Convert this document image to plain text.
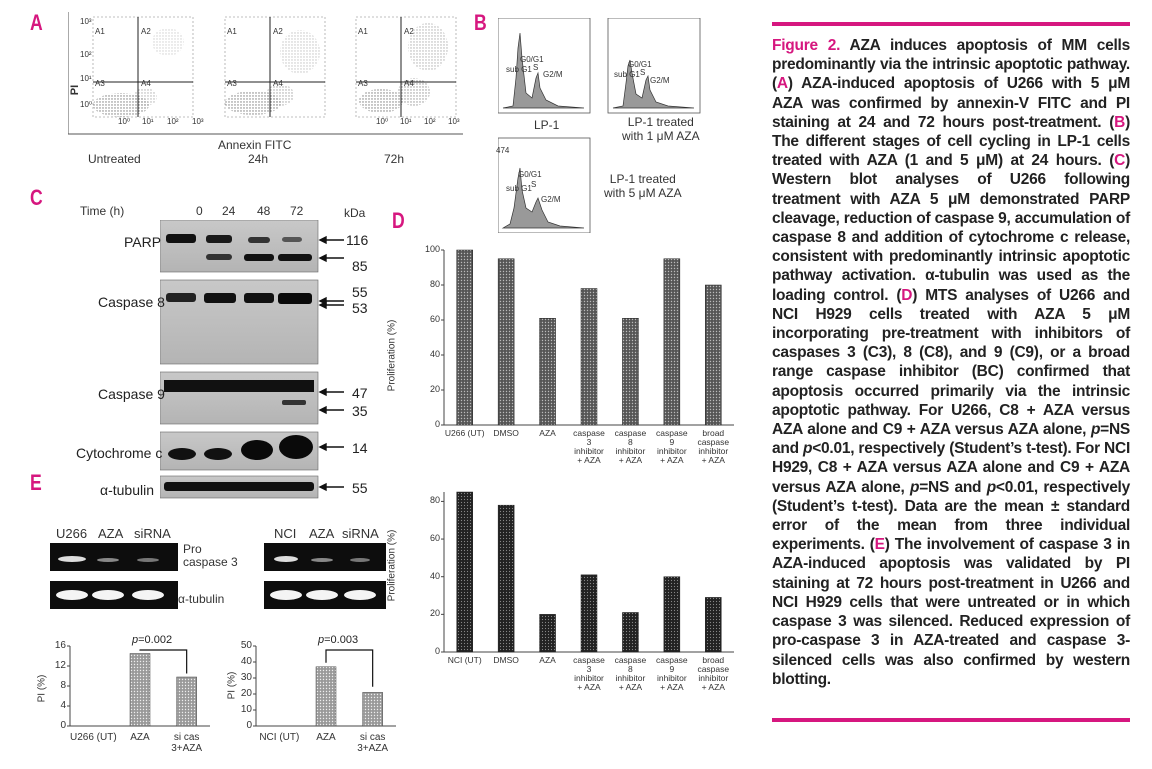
A
PI
A1	A2
A3	A4
A1	A2
A3	A4
A1	A2
A3	A4
10³
10²
10¹
10⁰
10⁰ 10¹ 10² 10³	10⁰ 10¹ 10² 10³
Annexin FITC
Untreated	24h	72h
B
G0/G1
sub G1 S
G2/M
G0/G1
sub G1 S
G2/M
474
G0/G1
sub G1 S
G2/M
LP-1	LP-1 treated
with 1 μM AZA
LP-1 treated
with 5 μM AZA
C
Time (h)	0 24 48 72	kDa
PARP
Caspase 8
Caspase 9
Cytochrome c
α-tubulin
116
85
55
53
47
35
14
55
D
Proliferation (%)
Proliferation (%)
0
20
40
60
80
100
U266 (UT)	DMSO	AZA	caspase
3
inhibitor
+ AZA
caspase
8
inhibitor
+ AZA
caspase
9
inhibitor
+ AZA
broad
caspase
inhibitor
+ AZA
0
20
40
60
80
NCI (UT)	DMSO	AZA	caspase
3
inhibitor
+ AZA
caspase
8
inhibitor
+ AZA
caspase
9
inhibitor
+ AZA
broad
caspase
inhibitor
+ AZA
E
U266 AZA siRNA	NCI AZA siRNA
Pro
caspase 3
α-tubulin
PI (%)	PI (%)
0
4
8
12
16
U266 (UT)	AZA	si cas
3+AZA
p=0.002
0
10
20
30
40
50
NCI (UT)	AZA	si cas
3+AZA
p=0.003

Figure 2. AZA induces apoptosis of MM cells predominantly via the intrinsic apoptotic pathway. (A) AZA-induced apoptosis of U266 with 5 μM AZA was confirmed by annexin-V FITC and PI staining at 24 and 72 hours post-treatment. (B) The different stages of cell cycling in LP-1 cells treated with AZA (1 and 5 μM) at 24 hours. (C) Western blot analyses of U266 following treatment with AZA 5 μM demonstrated PARP cleavage, reduction of caspase 9, accumulation of caspase 8 and addition of cytochrome c release, consistent with predominantly intrinsic apoptotic pathway activation. α-tubulin was used as the loading control. (D) MTS analyses of U266 and NCI H929 cells treated with AZA 5 μM incorporating pre-treatment with inhibitors of caspases 3 (C3), 8 (C8), and 9 (C9), or a broad range caspase inhibitor (BC) confirmed that apoptosis occurred primarily via the intrinsic apoptotic pathway. For U266, C8 + AZA versus AZA alone and C9 + AZA versus AZA alone, p=NS and p<0.01, respectively (Student’s t-test). For NCI H929, C8 + AZA versus AZA alone and C9 + AZA versus AZA alone, p=NS and p<0.01, respectively (Student’s t-test). Data are the mean ± standard error of the mean from three individual experiments. (E) The involvement of caspase 3 in AZA-induced apoptosis was validated by PI staining at 72 hours post-treatment in U266 and NCI H929 cells that were untreated or in which caspase 3 was silenced. Reduced expression of pro-caspase 3 in AZA-treated and caspase 3-silenced cells was also confirmed by western blotting.
